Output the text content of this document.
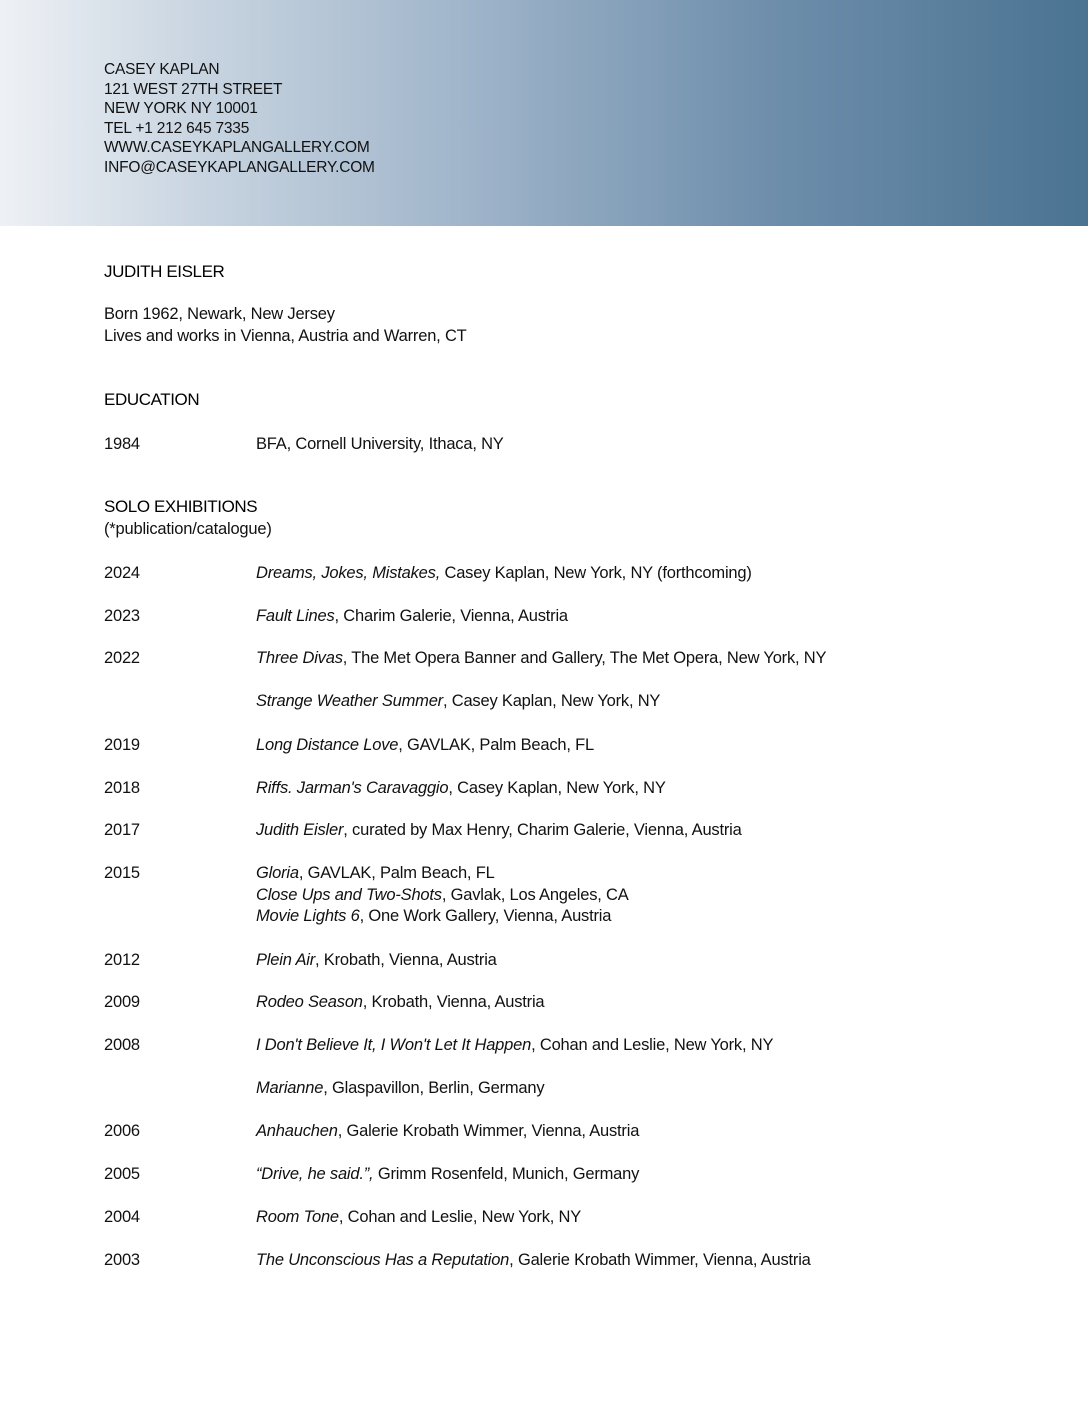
CASEY KAPLAN
121 WEST 27TH STREET
NEW YORK NY 10001
TEL +1 212 645 7335
WWW.CASEYKAPLANGALLERY.COM
INFO@CASEYKAPLANGALLERY.COM
JUDITH EISLER
Born 1962, Newark, New Jersey
Lives and works in Vienna, Austria and Warren, CT
EDUCATION
1984	BFA, Cornell University, Ithaca, NY
SOLO EXHIBITIONS
(*publication/catalogue)
2024	Dreams, Jokes, Mistakes, Casey Kaplan, New York, NY (forthcoming)
2023	Fault Lines, Charim Galerie, Vienna, Austria
2022	Three Divas, The Met Opera Banner and Gallery, The Met Opera, New York, NY
Strange Weather Summer, Casey Kaplan, New York, NY
2019	Long Distance Love, GAVLAK, Palm Beach, FL
2018	Riffs. Jarman's Caravaggio, Casey Kaplan, New York, NY
2017	Judith Eisler, curated by Max Henry, Charim Galerie, Vienna, Austria
2015	Gloria, GAVLAK, Palm Beach, FL
Close Ups and Two-Shots, Gavlak, Los Angeles, CA
Movie Lights 6, One Work Gallery, Vienna, Austria
2012	Plein Air, Krobath, Vienna, Austria
2009	Rodeo Season, Krobath, Vienna, Austria
2008	I Don't Believe It, I Won't Let It Happen, Cohan and Leslie, New York, NY
Marianne, Glaspavillon, Berlin, Germany
2006	Anhauchen, Galerie Krobath Wimmer, Vienna, Austria
2005	“Drive, he said.”, Grimm Rosenfeld, Munich, Germany
2004	Room Tone, Cohan and Leslie, New York, NY
2003	The Unconscious Has a Reputation, Galerie Krobath Wimmer, Vienna, Austria
